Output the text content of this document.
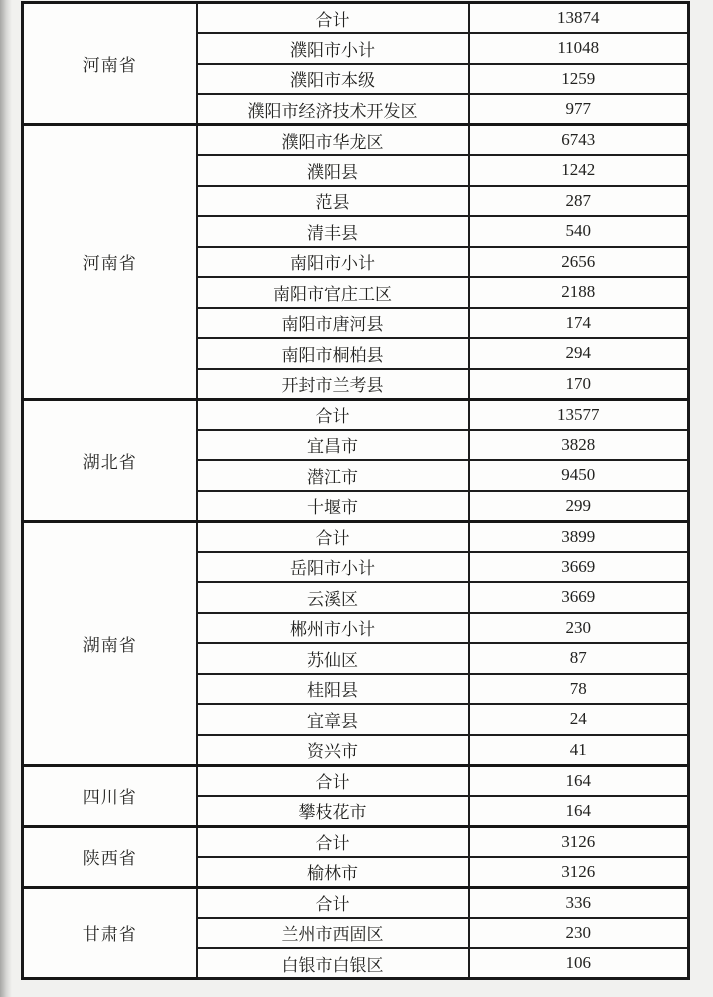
河南省	合计	13874
	濮阳市小计	11048
	濮阳市本级	1259
	濮阳市经济技术开发区	977
河南省	濮阳市华龙区	6743
	濮阳县	1242
	范县	287
	清丰县	540
	南阳市小计	2656
	南阳市官庄工区	2188
	南阳市唐河县	174
	南阳市桐柏县	294
	开封市兰考县	170
湖北省	合计	13577
	宜昌市	3828
	潜江市	9450
	十堰市	299
湖南省	合计	3899
	岳阳市小计	3669
	云溪区	3669
	郴州市小计	230
	苏仙区	87
	桂阳县	78
	宜章县	24
	资兴市	41
四川省	合计	164
	攀枝花市	164
陕西省	合计	3126
	榆林市	3126
甘肃省	合计	336
	兰州市西固区	230
	白银市白银区	106
